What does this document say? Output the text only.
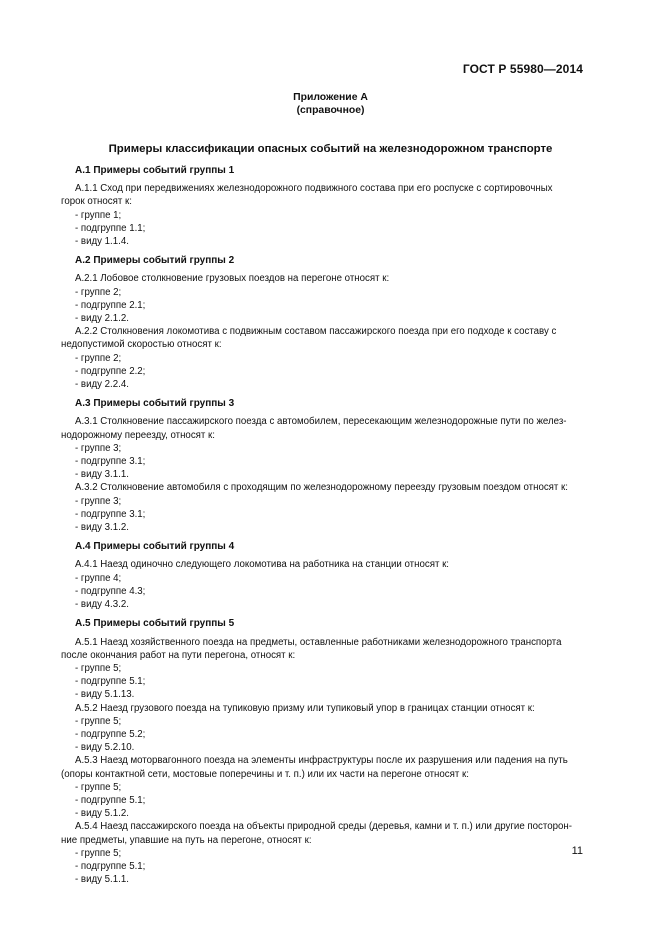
ГОСТ Р 55980—2014
Приложение А
(справочное)
Примеры классификации опасных событий на железнодорожном транспорте
А.1 Примеры событий группы 1
А.1.1 Сход при передвижениях железнодорожного подвижного состава при его роспуске с сортировочных
горок относят к:
- группе 1;
- подгруппе 1.1;
- виду 1.1.4.
А.2 Примеры событий группы 2
А.2.1 Лобовое столкновение грузовых поездов на перегоне относят к:
- группе 2;
- подгруппе 2.1;
- виду 2.1.2.
А.2.2 Столкновения локомотива с подвижным составом пассажирского поезда при его подходе к составу с
недопустимой скоростью относят к:
- группе 2;
- подгруппе 2.2;
- виду 2.2.4.
А.3 Примеры событий группы 3
А.3.1 Столкновение пассажирского поезда с автомобилем, пересекающим железнодорожные пути по желез-
нодорожному переезду, относят к:
- группе 3;
- подгруппе 3.1;
- виду 3.1.1.
А.3.2 Столкновение автомобиля с проходящим по железнодорожному переезду грузовым поездом относят к:
- группе 3;
- подгруппе 3.1;
- виду 3.1.2.
А.4 Примеры событий группы 4
А.4.1 Наезд одиночно следующего локомотива на работника на станции относят к:
- группе 4;
- подгруппе 4.3;
- виду 4.3.2.
А.5 Примеры событий группы 5
А.5.1 Наезд хозяйственного поезда на предметы, оставленные работниками железнодорожного транспорта
после окончания работ на пути перегона, относят к:
- группе 5;
- подгруппе 5.1;
- виду 5.1.13.
А.5.2 Наезд грузового поезда на тупиковую призму или тупиковый упор в границах станции относят к:
- группе 5;
- подгруппе 5.2;
- виду 5.2.10.
А.5.3 Наезд моторвагонного поезда на элементы инфраструктуры после их разрушения или падения на путь
(опоры контактной сети, мостовые поперечины и т. п.) или их части на перегоне относят к:
- группе 5;
- подгруппе 5.1;
- виду 5.1.2.
А.5.4 Наезд пассажирского поезда на объекты природной среды (деревья, камни и т. п.) или другие посторон-
ние предметы, упавшие на путь на перегоне, относят к:
- группе 5;
- подгруппе 5.1;
- виду 5.1.1.
11
